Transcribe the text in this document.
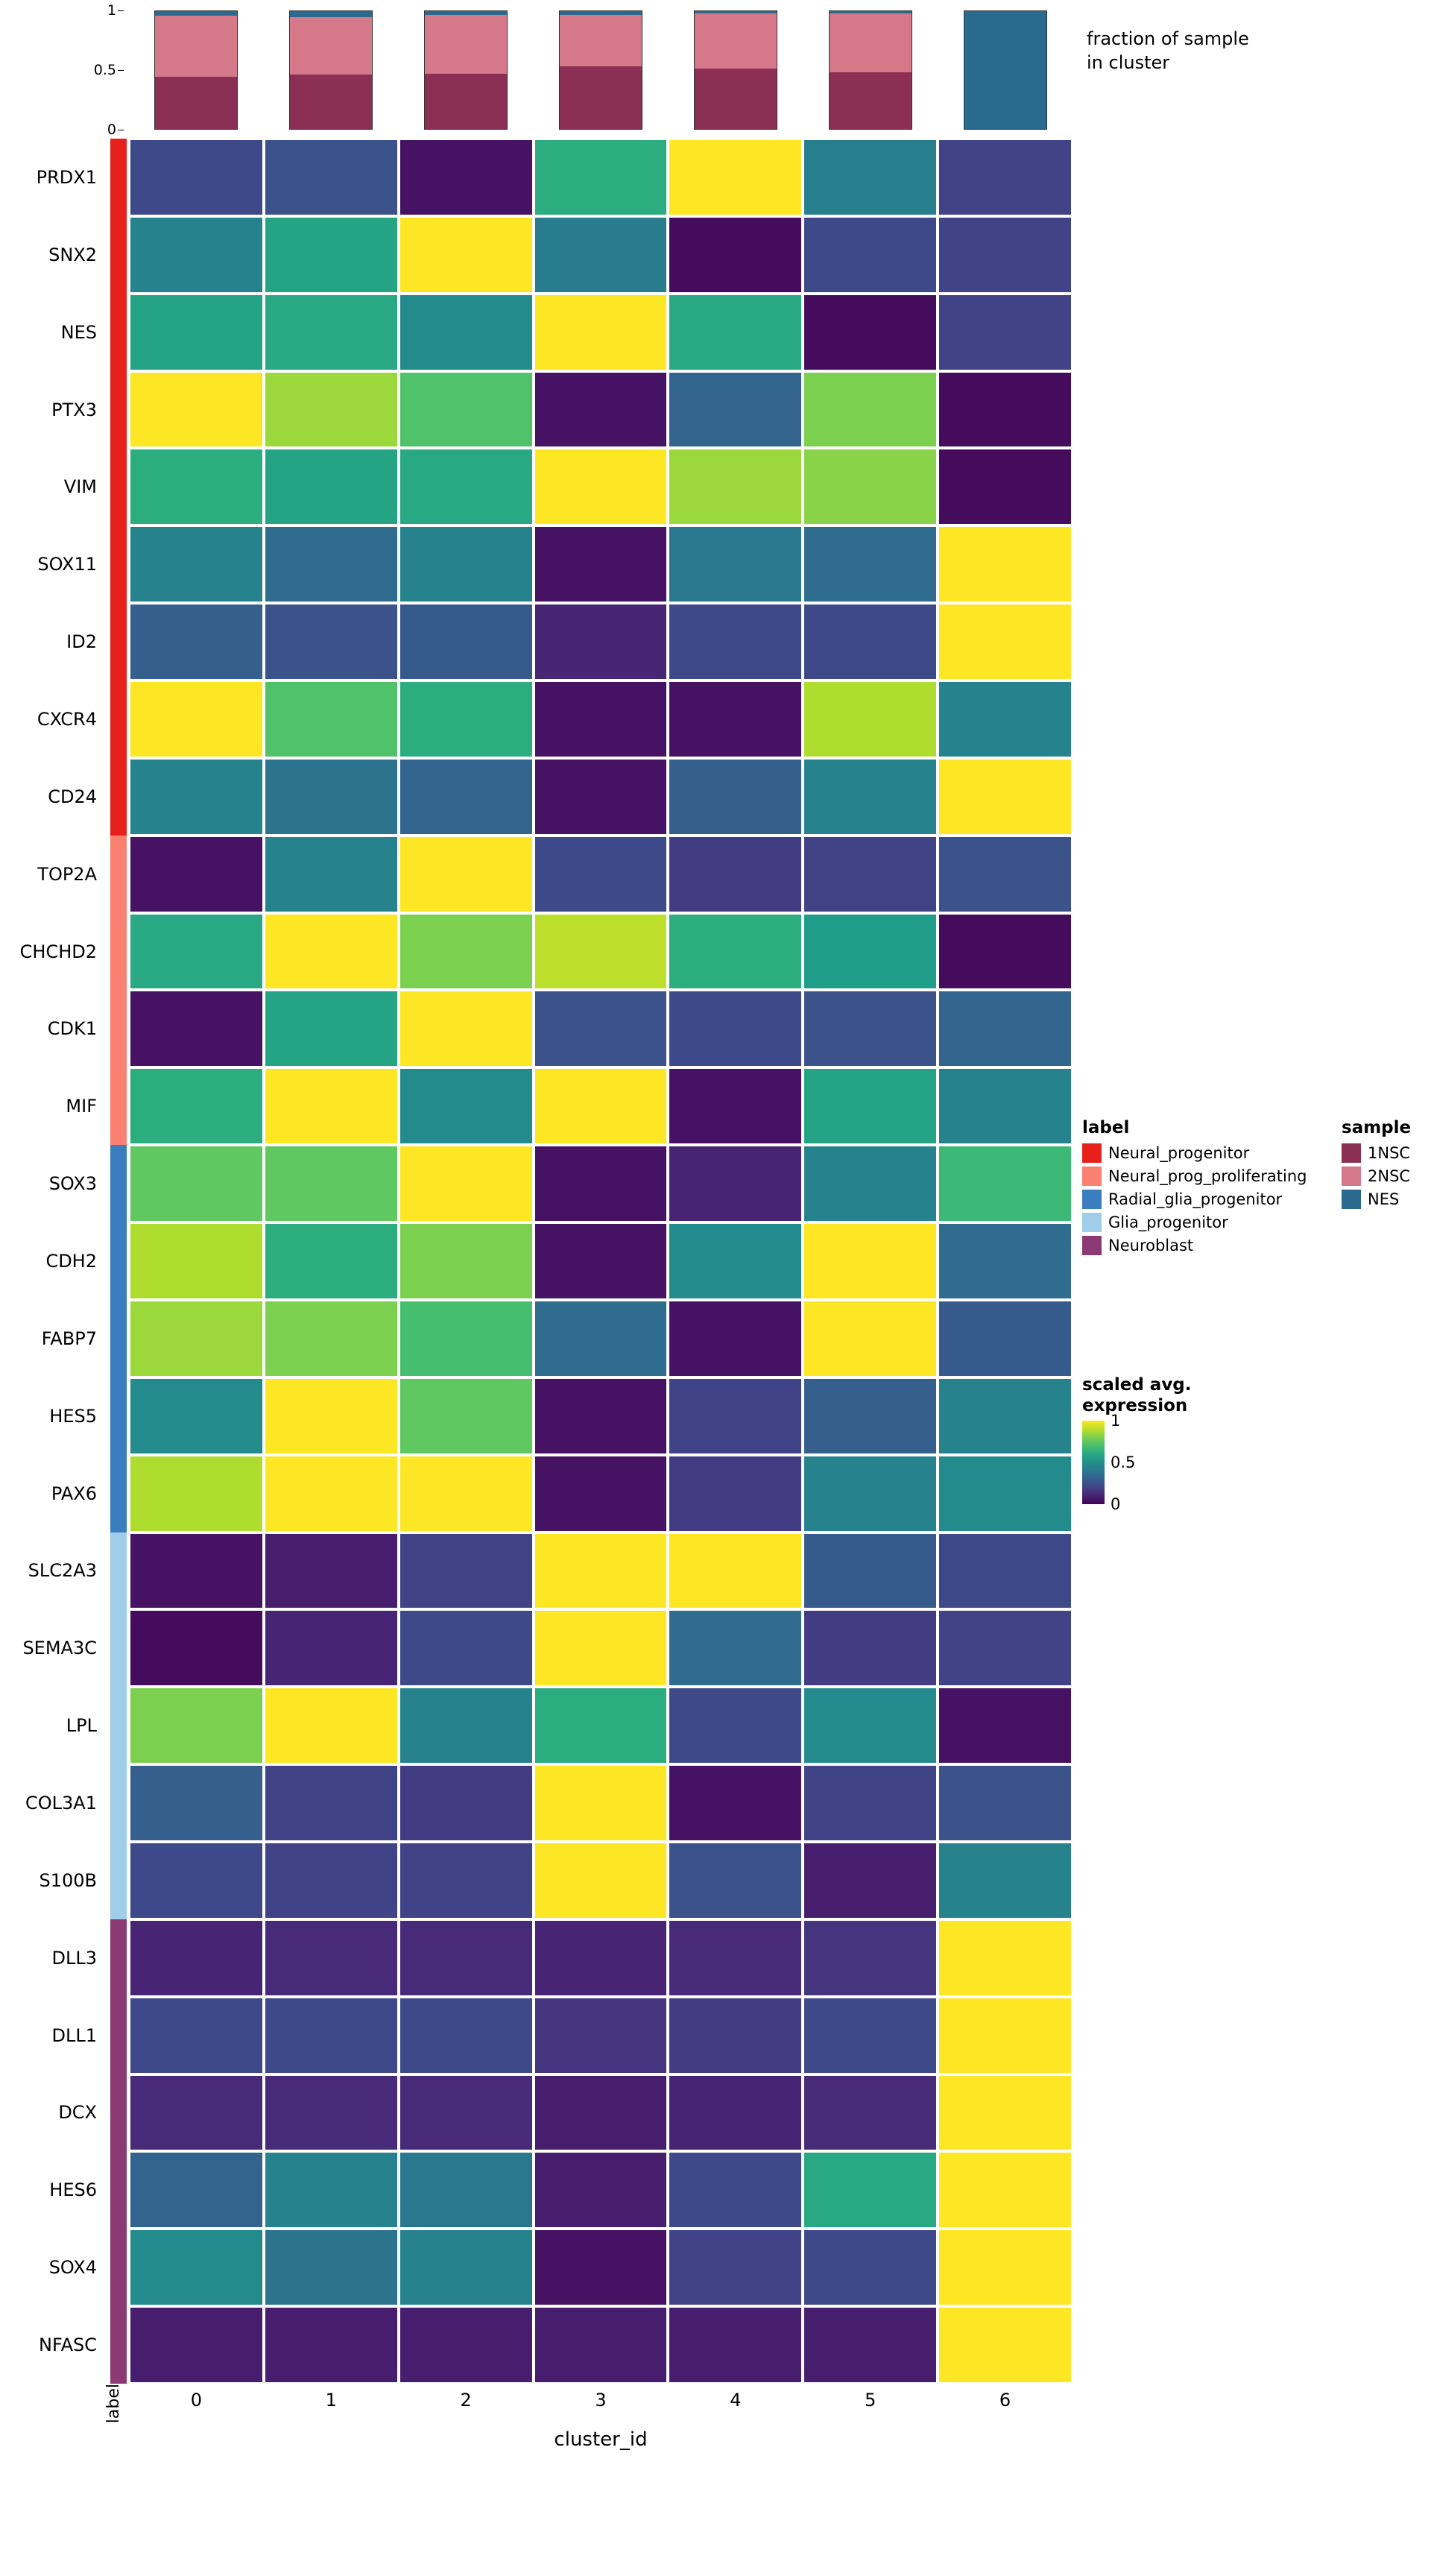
1
0.5
0
fraction of sample
in cluster
PRDX1
SNX2
NES
PTX3
VIM
SOX11
ID2
CXCR4
CD24
TOP2A
CHCHD2
CDK1
MIF
SOX3
CDH2
FABP7
HES5
PAX6
SLC2A3
SEMA3C
LPL
COL3A1
S100B
DLL3
DLL1
DCX
HES6
SOX4
NFASC
label	0	1	2	3	4	5	6
cluster_id
label
Neural_progenitor
Neural_prog_proliferating
Radial_glia_progenitor
Glia_progenitor
Neuroblast
sample
1NSC
2NSC
NES
scaled avg.
expression
1
0.5
0
